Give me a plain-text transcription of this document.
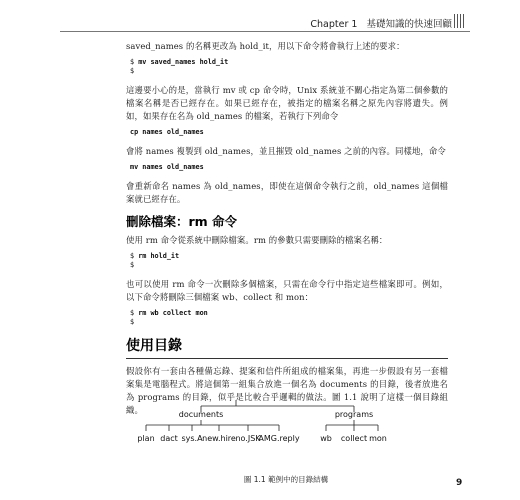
Chapter 1 基礎知識的快速回顧

saved_names 的名稱更改為 hold_it，用以下命令將會執行上述的要求：

$ mv saved_names hold_it
$

這邊要小心的是，當執行 mv 或 cp 命令時，Unix 系統並不關心指定為第二個參數的檔案名稱是否已經存在。如果已經存在，被指定的檔案名稱之原先內容將遺失。例如，如果存在名為 old_names 的檔案，若執行下列命令

cp names old_names

會將 names 複製到 old_names，並且摧毀 old_names 之前的內容。同樣地，命令

mv names old_names

會重新命名 names 為 old_names，即使在這個命令執行之前，old_names 這個檔案就已經存在。

刪除檔案：rm 命令

使用 rm 命令從系統中刪除檔案。rm 的參數只需要刪除的檔案名稱：

$ rm hold_it
$

也可以使用 rm 命令一次刪除多個檔案，只需在命令行中指定這些檔案即可。例如，以下命令將刪除三個檔案 wb、collect 和 mon：

$ rm wb collect mon
$
使用目錄

假設你有一套由各種備忘錄、提案和信件所組成的檔案集，再進一步假設有另一套檔案集是電腦程式。將這個第一組集合放進一個名為 documents 的目錄，後者放進名為 programs 的目錄，似乎是比較合乎邏輯的做法。圖 1.1 說明了這樣一個目錄組織。	documents	programs
plan dact sys.A new.hire no.JSK
AMG.reply	wb collect mon
圖 1.1 範例中的目錄結構	9
